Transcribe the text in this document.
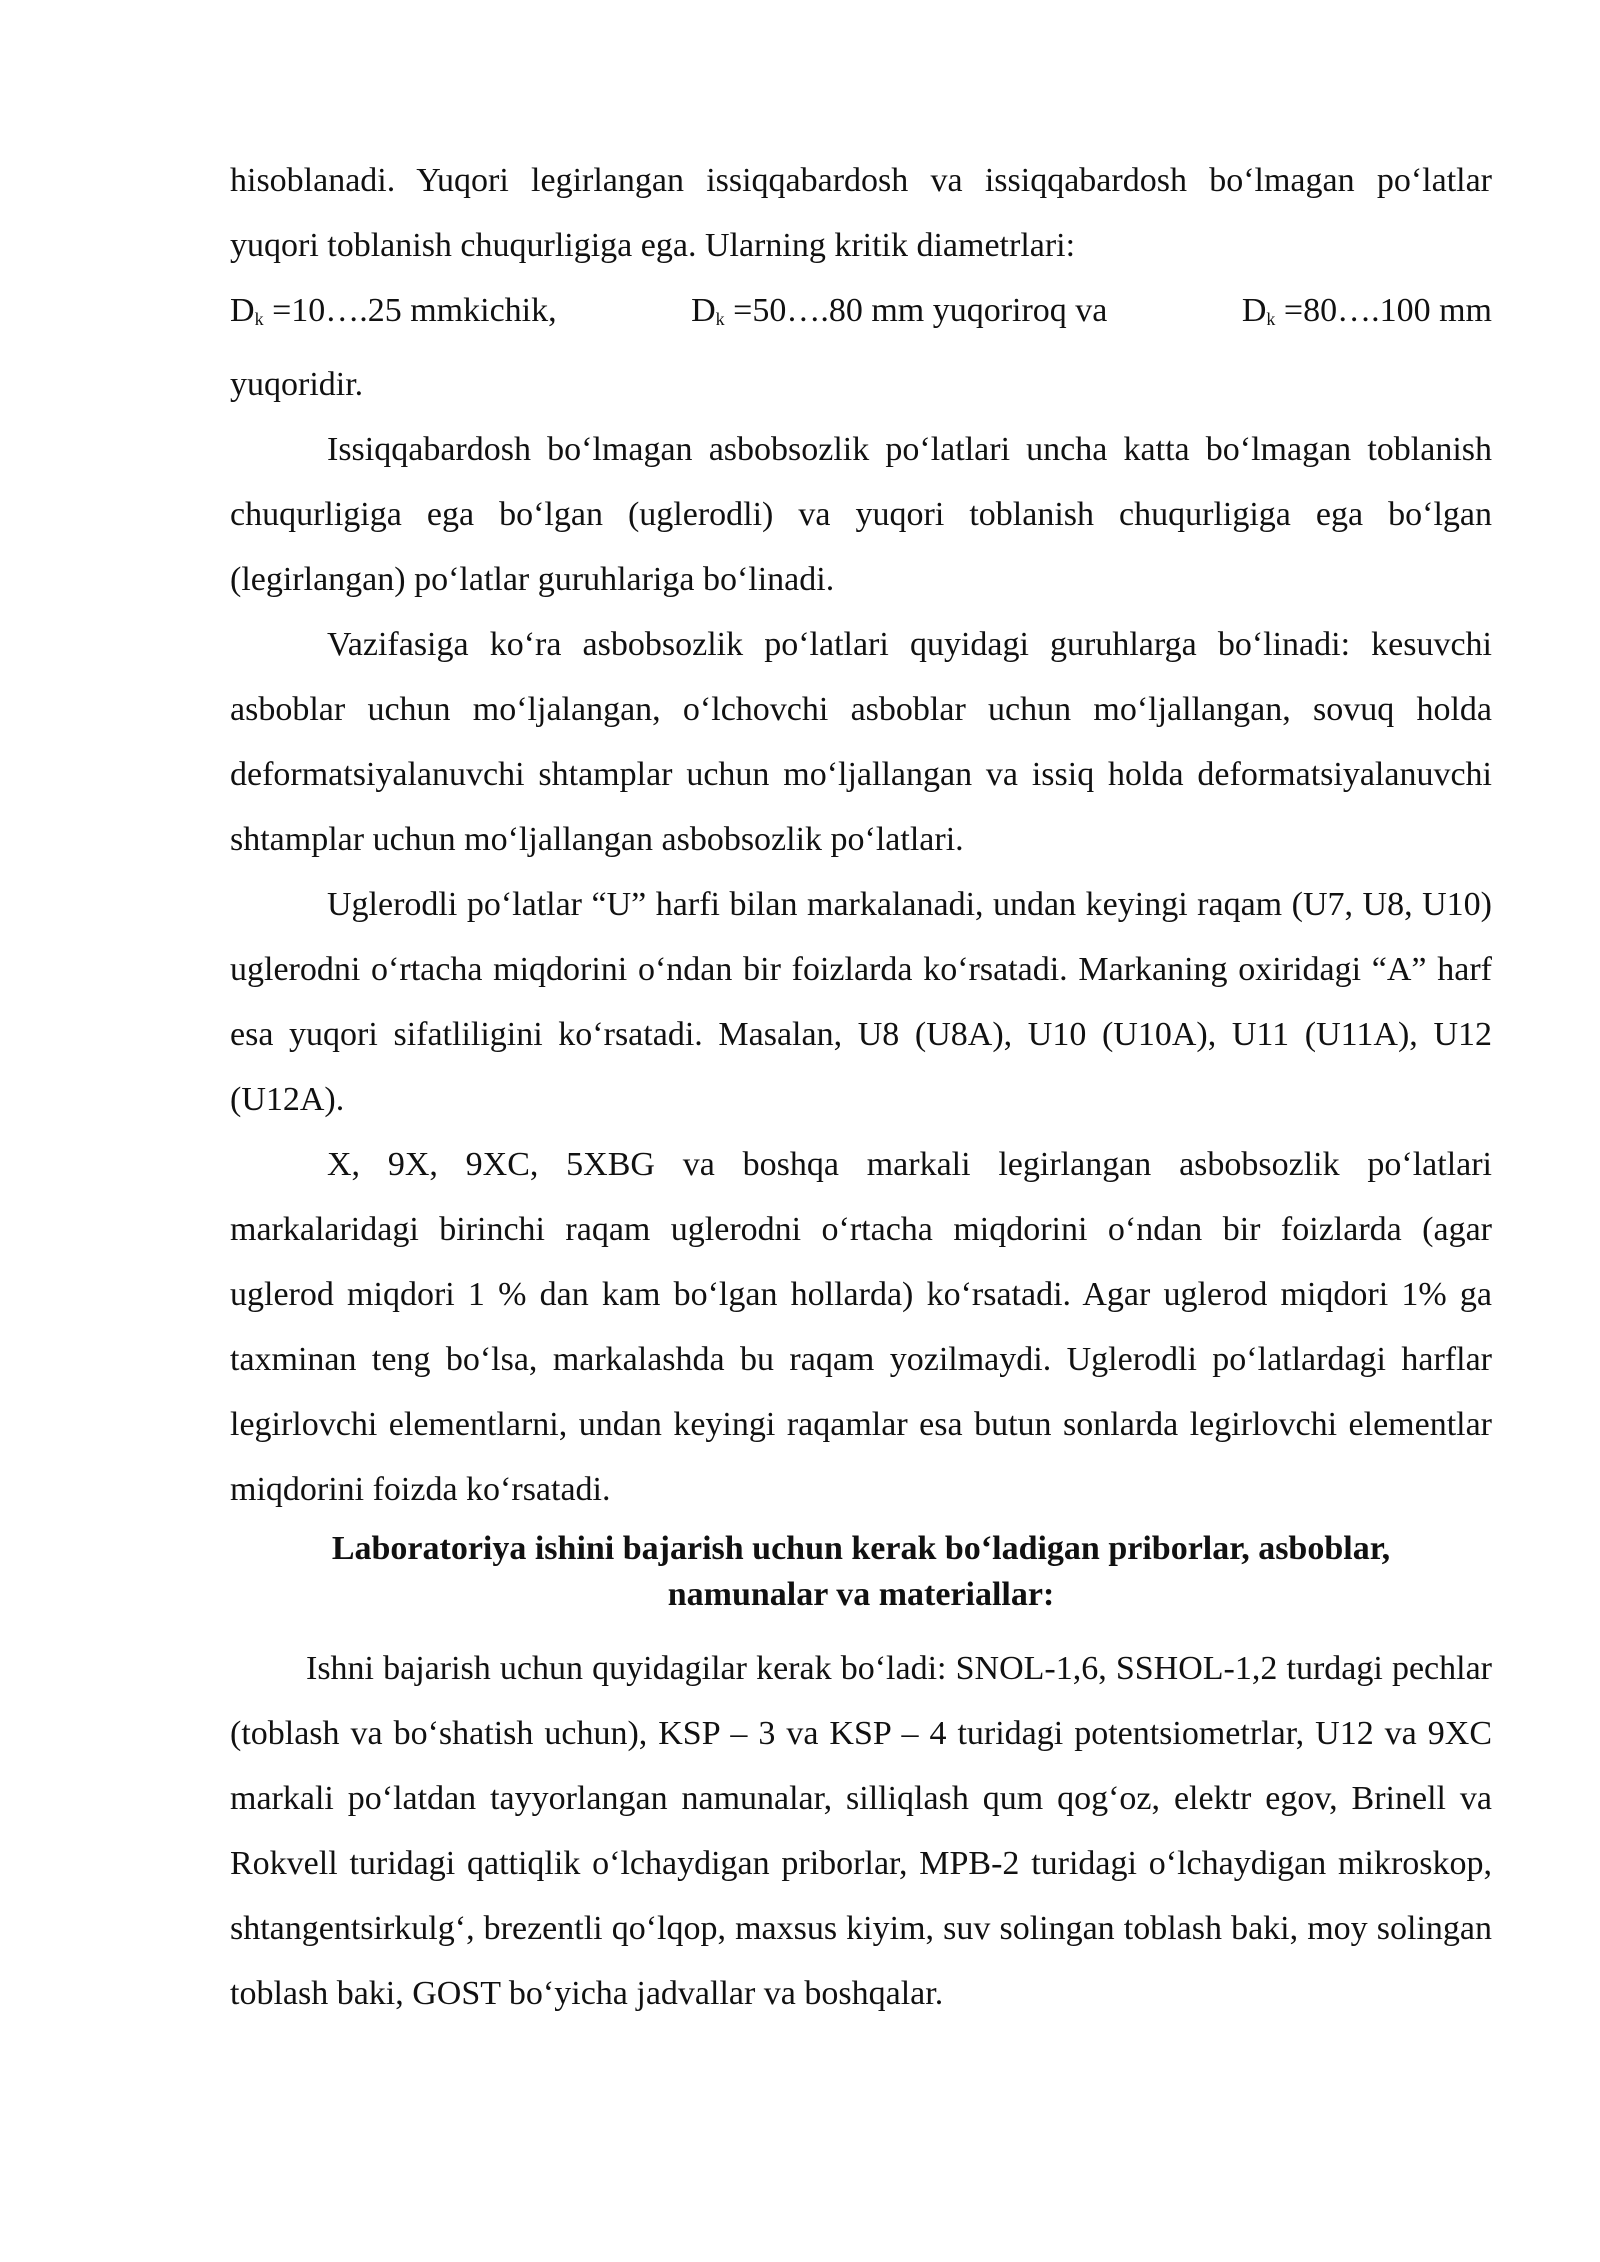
hisoblanadi. Yuqori legirlangan issiqqabardosh va issiqqabardosh bo‘lmagan po‘latlar yuqori toblanish chuqurligiga ega. Ularning kritik diametrlari:

$D_k$ =10….25 mmkichik,	$D_k$ =50….80 mm yuqoriroq va	$D_k$ =80….100 mm

yuqoridir.

Issiqqabardosh bo‘lmagan asbobsozlik po‘latlari uncha katta bo‘lmagan toblanish chuqurligiga ega bo‘lgan (uglerodli) va yuqori toblanish chuqurligiga ega bo‘lgan (legirlangan) po‘latlar guruhlariga bo‘linadi.

Vazifasiga ko‘ra asbobsozlik po‘latlari quyidagi guruhlarga bo‘linadi: kesuvchi asboblar uchun mo‘ljalangan, o‘lchovchi asboblar uchun mo‘ljallangan, sovuq holda deformatsiyalanuvchi shtamplar uchun mo‘ljallangan va issiq holda deformatsiyalanuvchi shtamplar uchun mo‘ljallangan asbobsozlik po‘latlari.

Uglerodli po‘latlar “U” harfi bilan markalanadi, undan keyingi raqam (U7, U8, U10) uglerodni o‘rtacha miqdorini o‘ndan bir foizlarda ko‘rsatadi. Markaning oxiridagi “A” harf esa yuqori sifatliligini ko‘rsatadi. Masalan, U8 (U8A), U10 (U10A), U11 (U11A), U12 (U12A).

X, 9X, 9XC, 5XBG va boshqa markali legirlangan asbobsozlik po‘latlari markalaridagi birinchi raqam uglerodni o‘rtacha miqdorini o‘ndan bir foizlarda (agar uglerod miqdori 1 % dan kam bo‘lgan hollarda) ko‘rsatadi. Agar uglerod miqdori 1% ga taxminan teng bo‘lsa, markalashda bu raqam yozilmaydi. Uglerodli po‘latlardagi harflar legirlovchi elementlarni, undan keyingi raqamlar esa butun sonlarda legirlovchi elementlar miqdorini foizda ko‘rsatadi.

Laboratoriya ishini bajarish uchun kerak bo‘ladigan priborlar, asboblar,
namunalar va materiallar:

Ishni bajarish uchun quyidagilar kerak bo‘ladi: SNOL-1,6, SSHOL-1,2 turdagi pechlar (toblash va bo‘shatish uchun), KSP – 3 va KSP – 4 turidagi potentsiometrlar, U12 va 9XC markali po‘latdan tayyorlangan namunalar, silliqlash qum qog‘oz, elektr egov, Brinell va Rokvell turidagi qattiqlik o‘lchaydigan priborlar, MPB-2 turidagi o‘lchaydigan mikroskop, shtangentsirkulg‘, brezentli qo‘lqop, maxsus kiyim, suv solingan toblash baki, moy solingan toblash baki, GOST bo‘yicha jadvallar va boshqalar.
